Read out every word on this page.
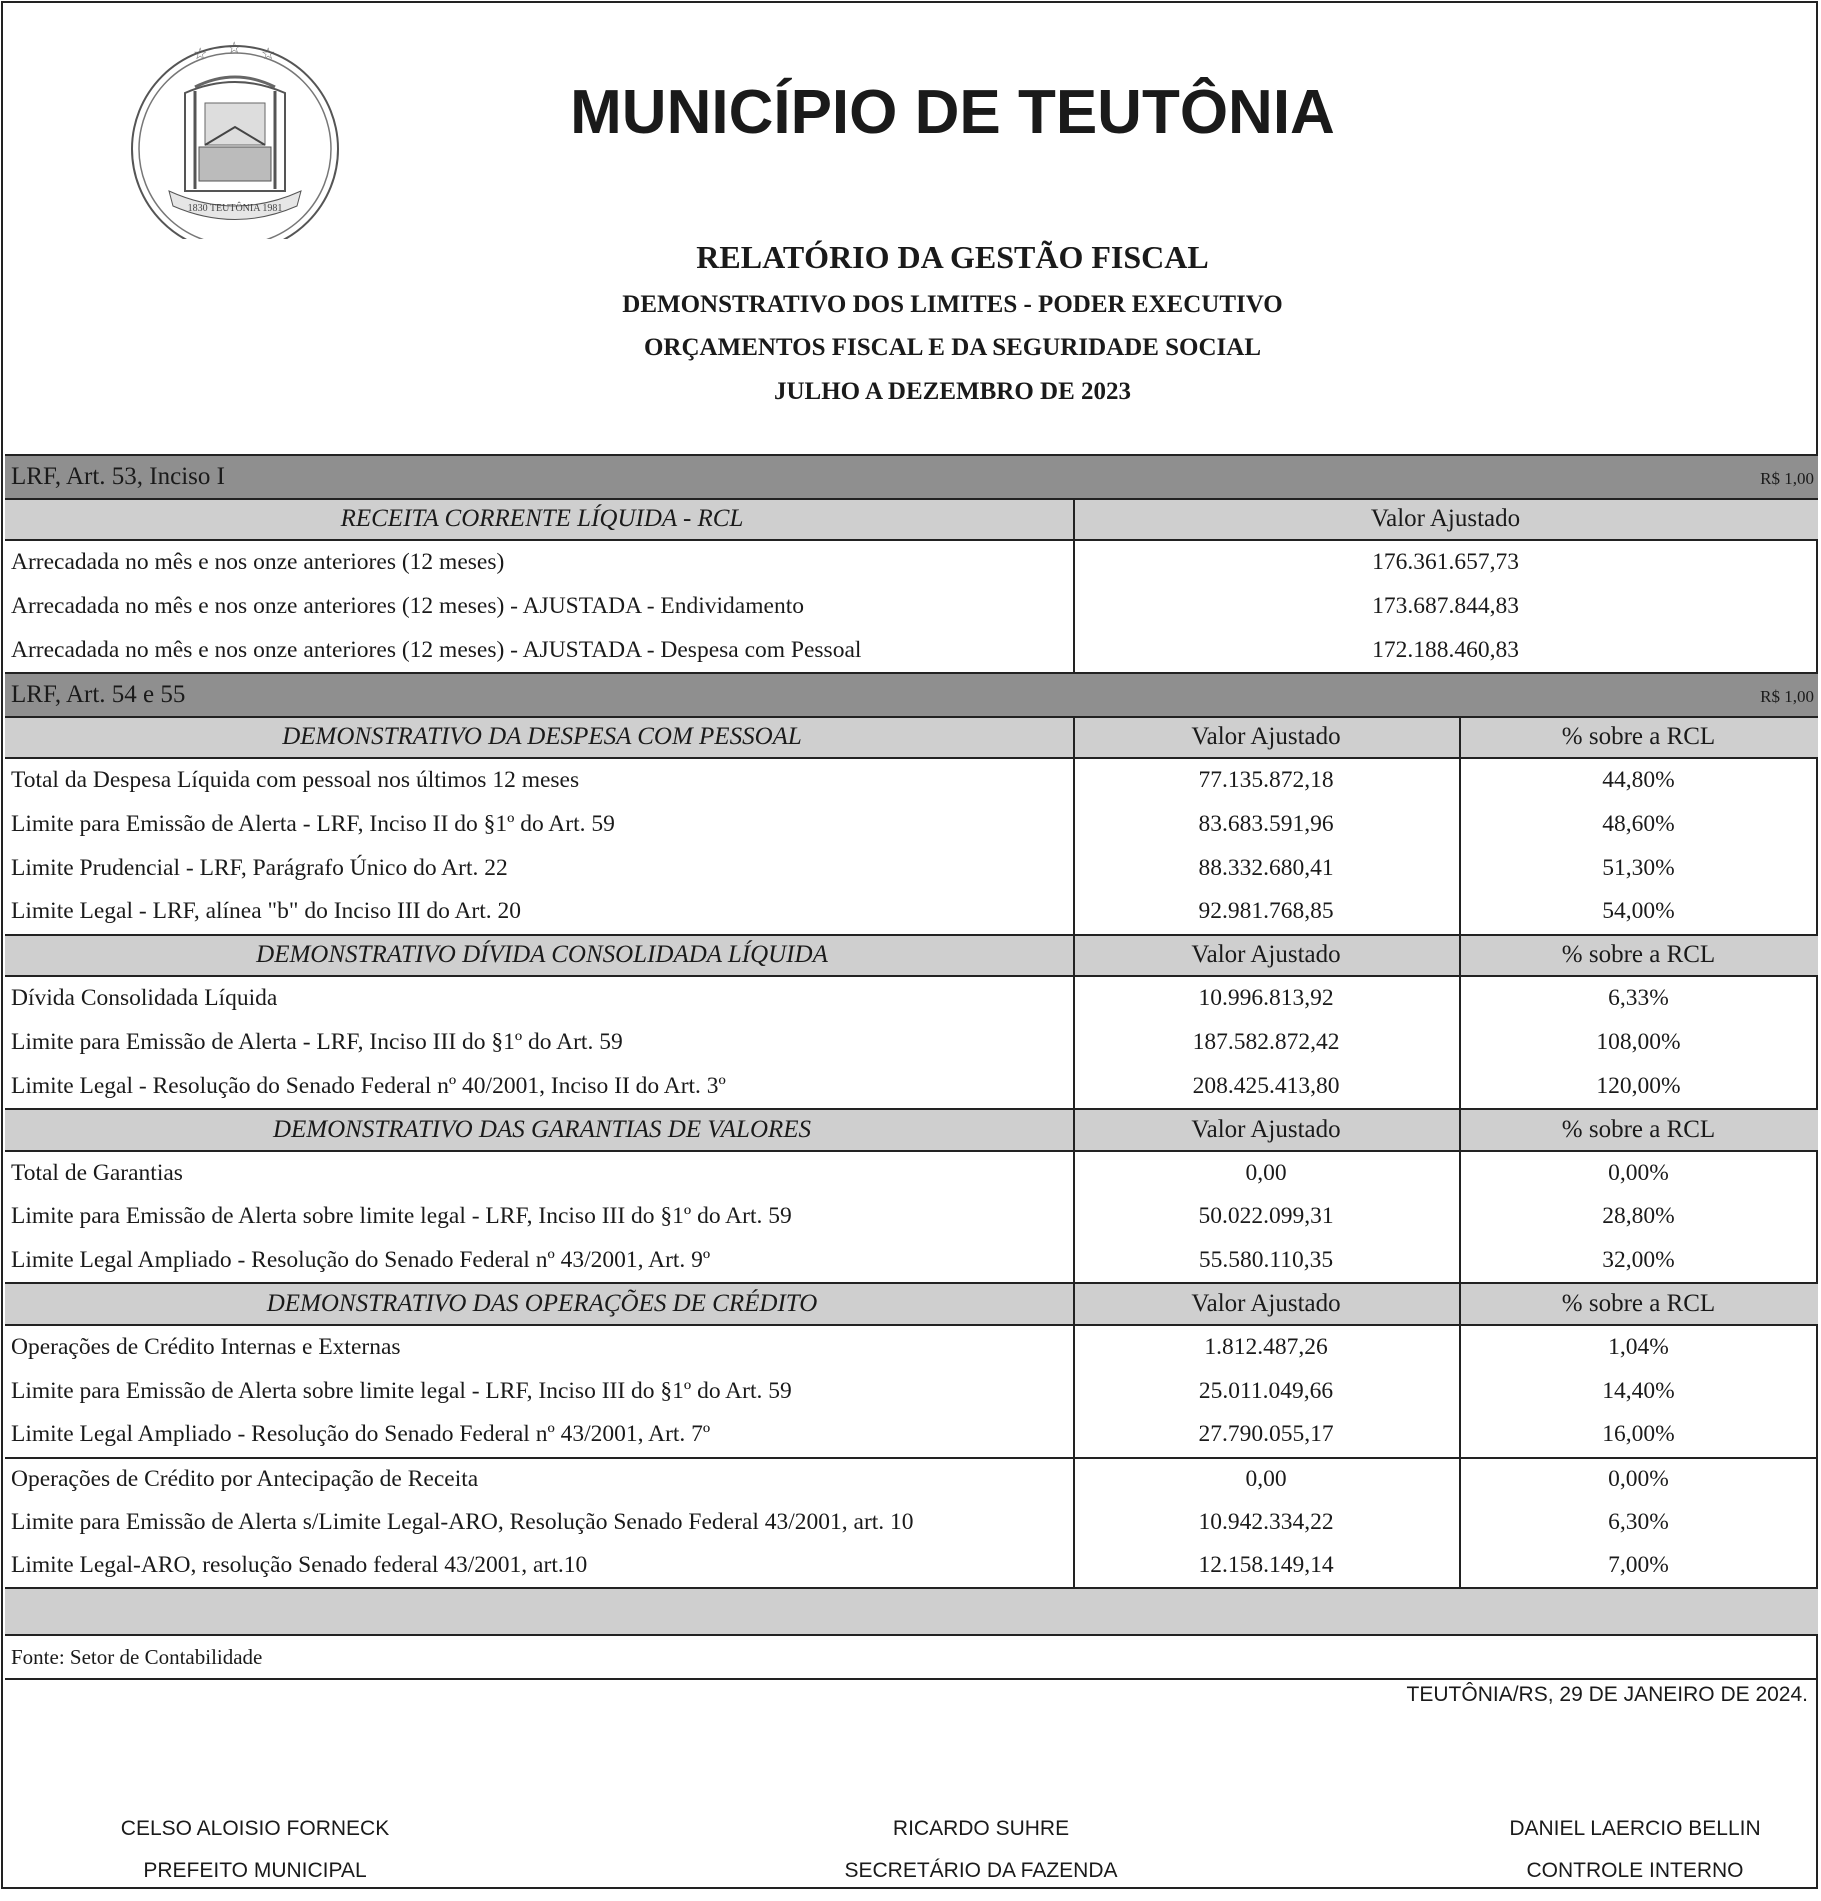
☆ ☆ ☆
1830 TEUTÔNIA 1981
MUNICÍPIO DE TEUTÔNIA
RELATÓRIO DA GESTÃO FISCAL
DEMONSTRATIVO DOS LIMITES - PODER EXECUTIVO
ORÇAMENTOS FISCAL E DA SEGURIDADE SOCIAL
JULHO A DEZEMBRO DE 2023
LRF, Art. 53, Inciso I	R$ 1,00
RECEITA CORRENTE LÍQUIDA - RCL	Valor Ajustado
Arrecadada no mês e nos onze anteriores (12 meses)	176.361.657,73
Arrecadada no mês e nos onze anteriores (12 meses) - AJUSTADA - Endividamento	173.687.844,83
Arrecadada no mês e nos onze anteriores (12 meses) - AJUSTADA - Despesa com Pessoal	172.188.460,83
LRF, Art. 54 e 55	R$ 1,00
DEMONSTRATIVO DA DESPESA COM PESSOAL	Valor Ajustado	% sobre a RCL
Total da Despesa Líquida com pessoal nos últimos 12 meses	77.135.872,18	44,80%
Limite para Emissão de Alerta - LRF, Inciso II do §1º do Art. 59	83.683.591,96	48,60%
Limite Prudencial - LRF, Parágrafo Único do Art. 22	88.332.680,41	51,30%
Limite Legal - LRF, alínea "b" do Inciso III do Art. 20	92.981.768,85	54,00%
DEMONSTRATIVO DÍVIDA CONSOLIDADA LÍQUIDA	Valor Ajustado	% sobre a RCL
Dívida Consolidada Líquida	10.996.813,92	6,33%
Limite para Emissão de Alerta - LRF, Inciso III do §1º do Art. 59	187.582.872,42	108,00%
Limite Legal - Resolução do Senado Federal nº 40/2001, Inciso II do Art. 3º	208.425.413,80	120,00%
DEMONSTRATIVO DAS GARANTIAS DE VALORES	Valor Ajustado	% sobre a RCL
Total de Garantias	0,00	0,00%
Limite para Emissão de Alerta sobre limite legal - LRF, Inciso III do §1º do Art. 59	50.022.099,31	28,80%
Limite Legal Ampliado - Resolução do Senado Federal nº 43/2001, Art. 9º	55.580.110,35	32,00%
DEMONSTRATIVO DAS OPERAÇÕES DE CRÉDITO	Valor Ajustado	% sobre a RCL
Operações de Crédito Internas e Externas	1.812.487,26	1,04%
Limite para Emissão de Alerta sobre limite legal - LRF, Inciso III do §1º do Art. 59	25.011.049,66	14,40%
Limite Legal Ampliado - Resolução do Senado Federal nº 43/2001, Art. 7º	27.790.055,17	16,00%
Operações de Crédito por Antecipação de Receita	0,00	0,00%
Limite para Emissão de Alerta s/Limite Legal-ARO, Resolução Senado Federal 43/2001, art. 10	10.942.334,22	6,30%
Limite Legal-ARO, resolução Senado federal 43/2001, art.10	12.158.149,14	7,00%
Fonte: Setor de Contabilidade
TEUTÔNIA/RS, 29 DE JANEIRO DE 2024.
CELSO ALOISIO FORNECK
PREFEITO MUNICIPAL
RICARDO SUHRE
SECRETÁRIO DA FAZENDA
DANIEL LAERCIO BELLIN
CONTROLE INTERNO
